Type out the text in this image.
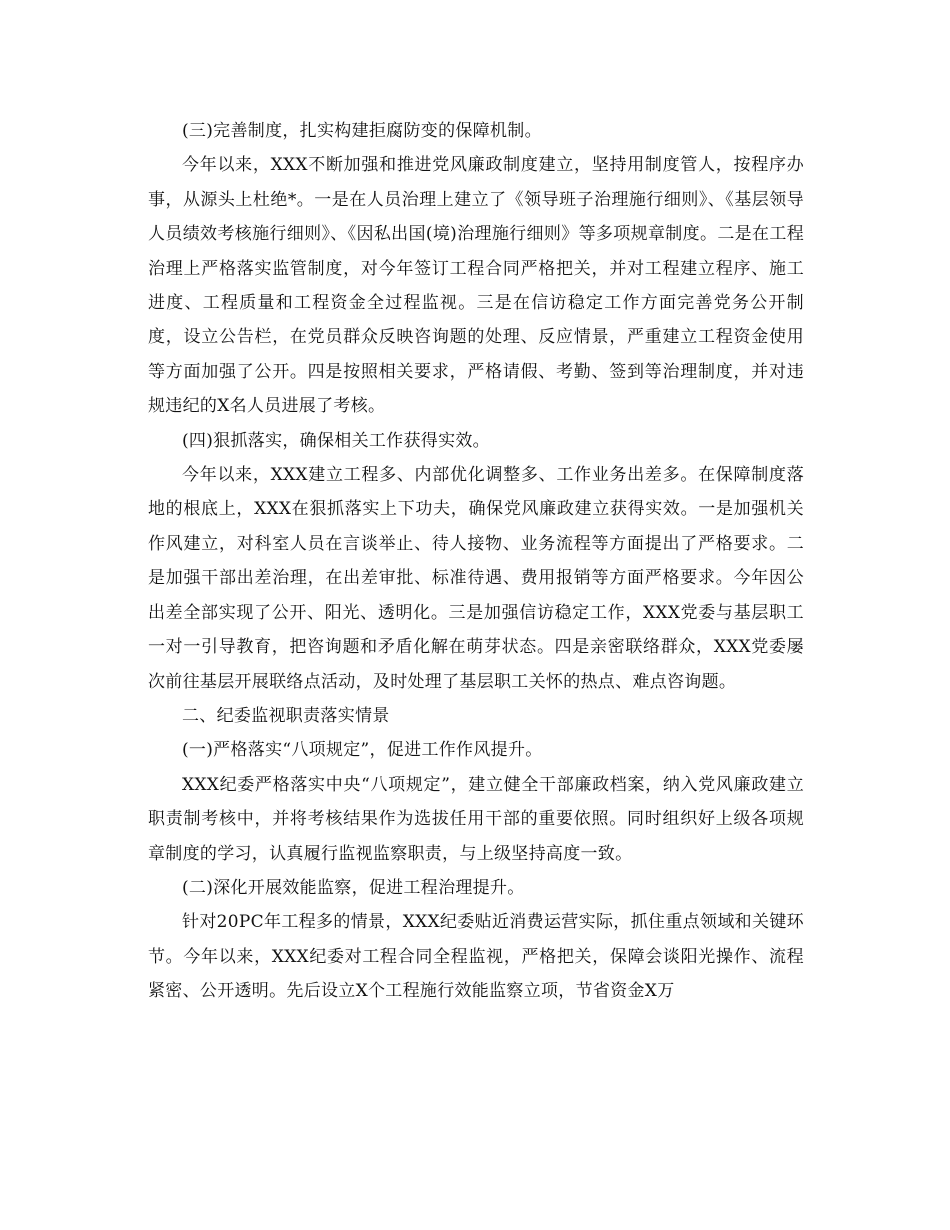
(三)完善制度，扎实构建拒腐防变的保障机制。

今年以来，XXX不断加强和推进党风廉政制度建立，坚持用制度管人，按程序办事，从源头上杜绝*。一是在人员治理上建立了《领导班子治理施行细则》、《基层领导人员绩效考核施行细则》、《因私出国(境)治理施行细则》等多项规章制度。二是在工程治理上严格落实监管制度，对今年签订工程合同严格把关，并对工程建立程序、施工进度、工程质量和工程资金全过程监视。三是在信访稳定工作方面完善党务公开制度，设立公告栏，在党员群众反映咨询题的处理、反应情景，严重建立工程资金使用等方面加强了公开。四是按照相关要求，严格请假、考勤、签到等治理制度，并对违规违纪的X名人员进展了考核。

(四)狠抓落实，确保相关工作获得实效。

今年以来，XXX建立工程多、内部优化调整多、工作业务出差多。在保障制度落地的根底上，XXX在狠抓落实上下功夫，确保党风廉政建立获得实效。一是加强机关作风建立，对科室人员在言谈举止、待人接物、业务流程等方面提出了严格要求。二是加强干部出差治理，在出差审批、标准待遇、费用报销等方面严格要求。今年因公出差全部实现了公开、阳光、透明化。三是加强信访稳定工作，XXX党委与基层职工一对一引导教育，把咨询题和矛盾化解在萌芽状态。四是亲密联络群众，XXX党委屡次前往基层开展联络点活动，及时处理了基层职工关怀的热点、难点咨询题。

二、纪委监视职责落实情景

(一)严格落实“八项规定”，促进工作作风提升。

XXX纪委严格落实中央“八项规定”，建立健全干部廉政档案，纳入党风廉政建立职责制考核中，并将考核结果作为选拔任用干部的重要依照。同时组织好上级各项规章制度的学习，认真履行监视监察职责，与上级坚持高度一致。

(二)深化开展效能监察，促进工程治理提升。

针对20PC年工程多的情景，XXX纪委贴近消费运营实际，抓住重点领域和关键环节。今年以来，XXX纪委对工程合同全程监视，严格把关，保障会谈阳光操作、流程紧密、公开透明。先后设立X个工程施行效能监察立项，节省资金X万
